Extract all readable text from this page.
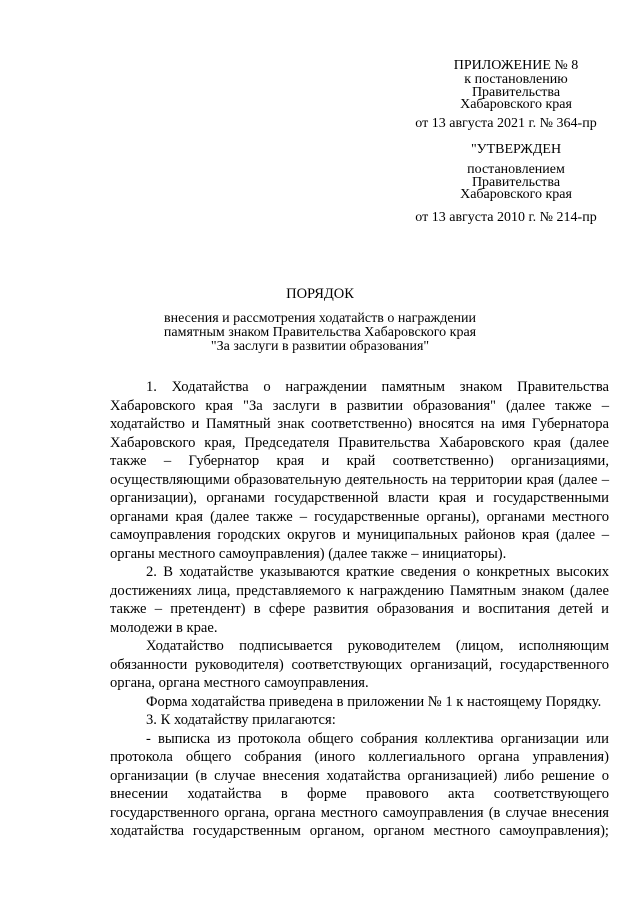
ПРИЛОЖЕНИЕ № 8
к постановлению
Правительства
Хабаровского края
от 13 августа 2021 г. № 364-пр
"УТВЕРЖДЕН
постановлением
Правительства
Хабаровского края
от 13 августа 2010 г. № 214-пр
ПОРЯДОК
внесения и рассмотрения ходатайств о награждении
памятным знаком Правительства Хабаровского края
"За заслуги в развитии образования"

1. Ходатайства о награждении памятным знаком Правительства Хабаровского края "За заслуги в развитии образования" (далее также – ходатайство и Памятный знак соответственно) вносятся на имя Губернатора Хабаровского края, Председателя Правительства Хабаровского края (далее также – Губернатор края и край соответственно) организациями, осуществляющими образовательную деятельность на территории края (далее – организации), органами государственной власти края и государственными органами края (далее также – государственные органы), органами местного самоуправления городских округов и муниципальных районов края (далее – органы местного самоуправления) (далее также – инициаторы).

2. В ходатайстве указываются краткие сведения о конкретных высоких достижениях лица, представляемого к награждению Памятным знаком (далее также – претендент) в сфере развития образования и воспитания детей и молодежи в крае.

Ходатайство подписывается руководителем (лицом, исполняющим обязанности руководителя) соответствующих организаций, государственного органа, органа местного самоуправления.

Форма ходатайства приведена в приложении № 1 к настоящему Порядку.

3. К ходатайству прилагаются:

- выписка из протокола общего собрания коллектива организации или протокола общего собрания (иного коллегиального органа управления) организации (в случае внесения ходатайства организацией) либо решение о внесении ходатайства в форме правового акта соответствующего государственного органа, органа местного самоуправления (в случае внесения ходатайства государственным органом, органом местного самоуправления);
